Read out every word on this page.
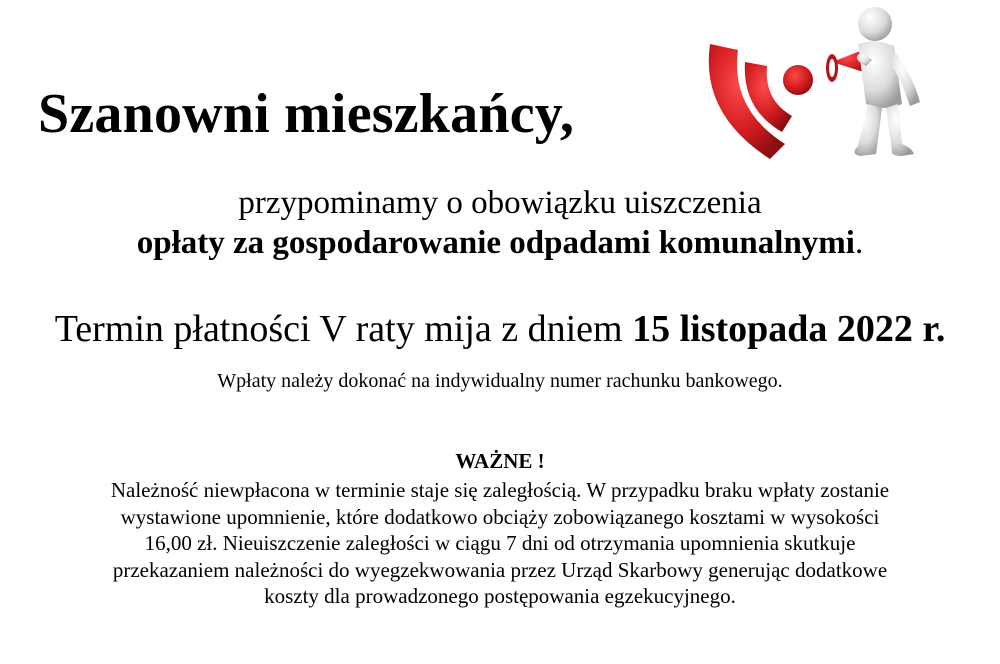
Szanowni mieszkańcy,
przypominamy o obowiązku uiszczenia
opłaty za gospodarowanie odpadami komunalnymi.
Termin płatności V raty mija z dniem 15 listopada 2022 r.
Wpłaty należy dokonać na indywidualny numer rachunku bankowego.
WAŻNE !
Należność niewpłacona w terminie staje się zaległością. W przypadku braku wpłaty zostanie
wystawione upomnienie, które dodatkowo obciąży zobowiązanego kosztami w wysokości
16,00 zł. Nieuiszczenie zaległości w ciągu 7 dni od otrzymania upomnienia skutkuje
przekazaniem należności do wyegzekwowania przez Urząd Skarbowy generując dodatkowe
koszty dla prowadzonego postępowania egzekucyjnego.
